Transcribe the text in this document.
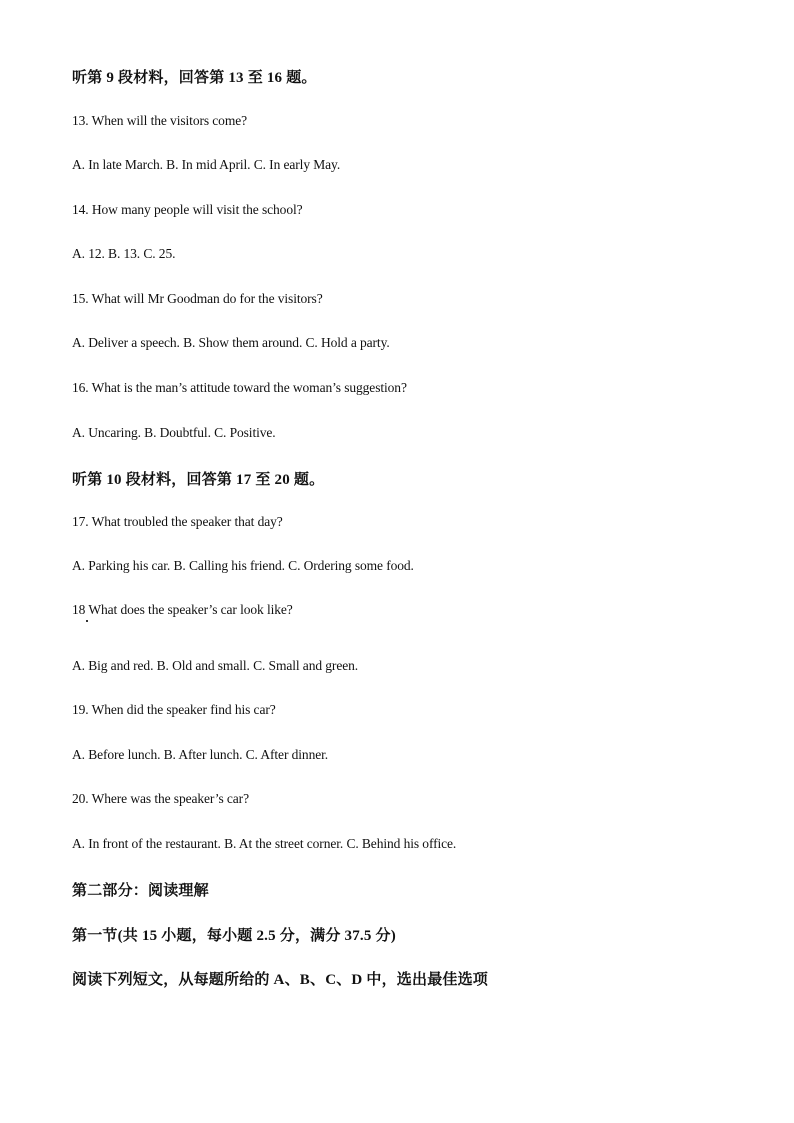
听第 9 段材料，回答第 13 至 16 题。
13. When will the visitors come?
A. In late March. B. In mid April. C. In early May.
14. How many people will visit the school?
A. 12. B. 13. C. 25.
15. What will Mr Goodman do for the visitors?
A. Deliver a speech. B. Show them around. C. Hold a party.
16. What is the man’s attitude toward the woman’s suggestion?
A. Uncaring. B. Doubtful. C. Positive.
听第 10 段材料，回答第 17 至 20 题。
17. What troubled the speaker that day?
A. Parking his car. B. Calling his friend. C. Ordering some food.
18 What does the speaker’s car look like?
A. Big and red. B. Old and small. C. Small and green.
19. When did the speaker find his car?
A. Before lunch. B. After lunch. C. After dinner.
20. Where was the speaker’s car?
A. In front of the restaurant. B. At the street corner. C. Behind his office.
第二部分：阅读理解
第一节(共 15 小题，每小题 2.5 分，满分 37.5 分)
阅读下列短文，从每题所给的 A、B、C、D 中，选出最佳选项
